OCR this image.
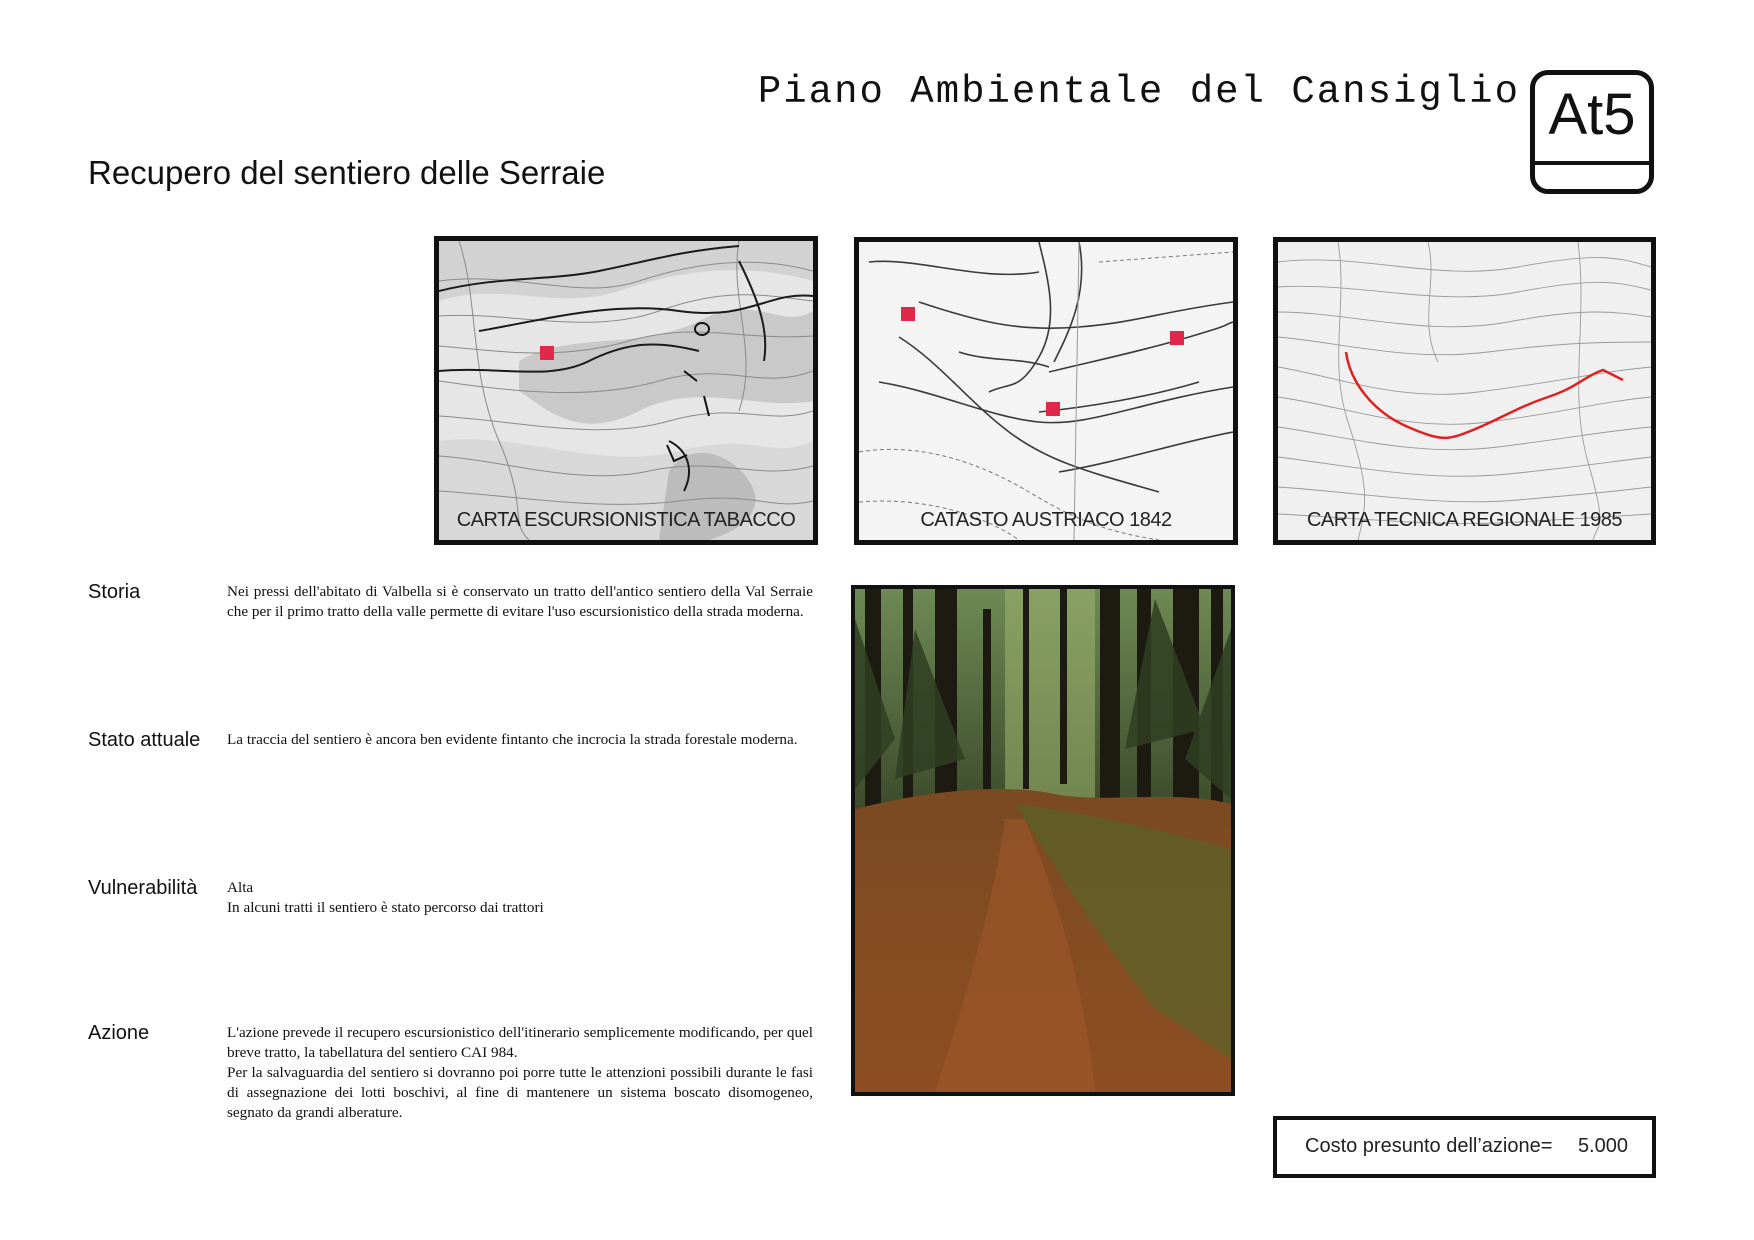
Piano Ambientale del Cansiglio At5
Recupero del sentiero delle Serraie
CARTA ESCURSIONISTICA TABACCO	CATASTO AUSTRIACO 1842	CARTA TECNICA REGIONALE 1985
Storia	Nei pressi dell'abitato di Valbella si è conservato un tratto dell'antico sentiero della Val Serraie che per il primo tratto della valle permette di evitare l'uso escursionistico della strada moderna.

Stato attuale La traccia del sentiero è ancora ben evidente fintanto che incrocia la strada forestale moderna.

Vulnerabilità Alta

In alcuni tratti il sentiero è stato percorso dai trattori

Azione	L'azione prevede il recupero escursionistico dell'itinerario semplicemente modificando, per quel breve tratto, la tabellatura del sentiero CAI 984.

Per la salvaguardia del sentiero si dovranno poi porre tutte le attenzioni possibili durante le fasi di assegnazione dei lotti boschivi, al fine di mantenere un sistema boscato disomogeneo, segnato da grandi alberature.

Costo presunto dell’azione= 5.000
